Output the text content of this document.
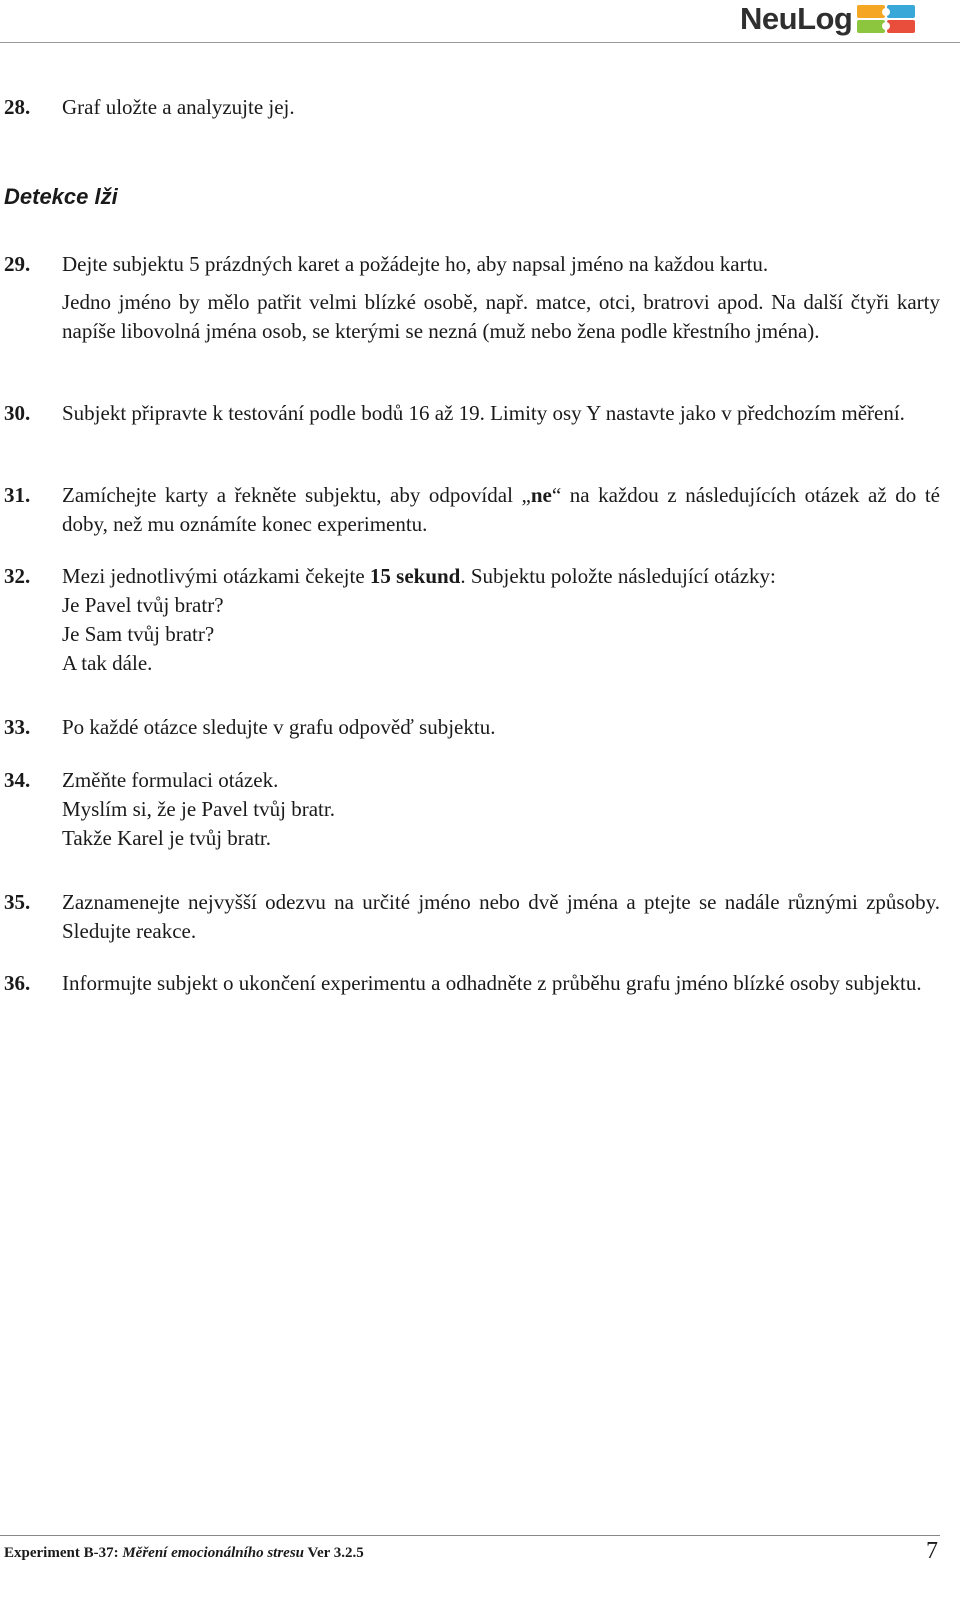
NeuLog
28. Graf uložte a analyzujte jej.

Detekce lži
29. Dejte subjektu 5 prázdných karet a požádejte ho, aby napsal jméno na každou kartu.

Jedno jméno by mělo patřit velmi blízké osobě, např. matce, otci, bratrovi apod. Na další čtyři karty napíše libovolná jména osob, se kterými se nezná (muž nebo žena podle křestního jména).

30. Subjekt připravte k testování podle bodů 16 až 19. Limity osy Y nastavte jako v předchozím měření.

31. Zamíchejte karty a řekněte subjektu, aby odpovídal „ne“ na každou z následujících otázek až do té doby, než mu oznámíte konec experimentu.

32. Mezi jednotlivými otázkami čekejte 15 sekund. Subjektu položte následující otázky:

Je Pavel tvůj bratr?
Je Sam tvůj bratr?
A tak dále.

33. Po každé otázce sledujte v grafu odpověď subjektu.

34. Změňte formulaci otázek.

Myslím si, že je Pavel tvůj bratr.
Takže Karel je tvůj bratr.

35. Zaznamenejte nejvyšší odezvu na určité jméno nebo dvě jména a ptejte se nadále různými způsoby. Sledujte reakce.

36. Informujte subjekt o ukončení experimentu a odhadněte z průběhu grafu jméno blízké osoby subjektu.

Experiment B-37: Měření emocionálního stresu Ver 3.2.5	7
